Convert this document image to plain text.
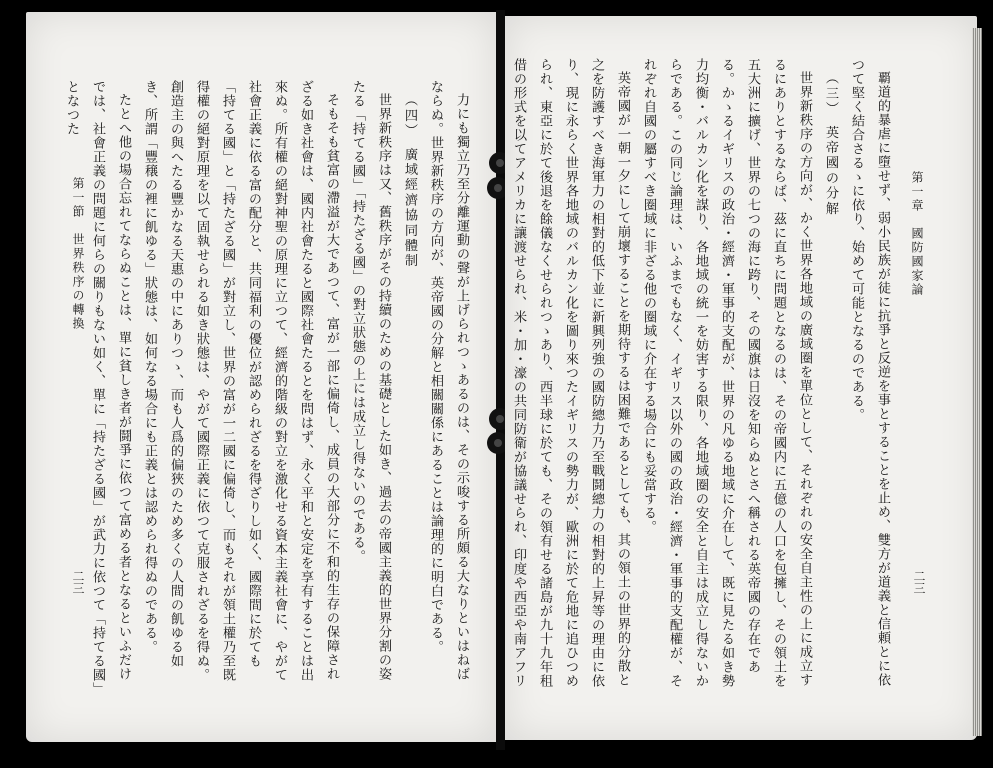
力にも獨立乃至分離運動の聲が上げられつゝあるのは、その示唆する所頗る大なりといはねばならぬ。世界新秩序の方向が、英帝國の分解と相關關係にあることは論理的に明白である。

（四）　廣域經濟協同體制

世界新秩序は又、舊秩序がその持續のための基礎とした如き、過去の帝國主義的世界分割の姿たる「持てる國」「持たざる國」の對立狀態の上には成立し得ないのである。

そもそも貧富の滯溢が大であつて、富が一部に偏倚し、成員の大部分に不和的生存の保障されざる如き社會は、國内社會たると國際社會たるとを問はず、永く平和と安定を享有することは出來ぬ。所有權の絕對神聖の原理に立つて、經濟的階級の對立を激化せる資本主義社會に、やがて社會正義に依る富の配分と、共同福利の優位が認められざるを得ざりし如く、國際間に於ても「持てる國」と「持たざる國」が對立し、世界の富が一二國に偏倚し、而もそれが領土權乃至既得權の絕對原理を以て固執せられる如き狀態は、やがて國際正義に依つて克服されざるを得ぬ。創造主の與へたる豐かなる天惠の中にありつゝ、而も人爲的偏狹のため多くの人間の飢ゆる如き、所謂「豐穣の裡に飢ゆる」狀態は、如何なる場合にも正義とは認められ得ぬのである。

たとへ他の場合忘れてならぬことは、單に貧しき者が鬪爭に依つて富める者となるといふだけでは、社會正義の問題に何らの關りもない如く、單に「持たざる國」が武力に依つて「持てる國」となつた

第一節　世界秩序の轉換
二三
第一章　國防國家論
二三

覇道的暴虐に墮せず、弱小民族が徒に抗爭と反逆を事とすることを止め、雙方が道義と信頼とに依つて堅く結合さるゝに依り、始めて可能となるのである。

（三）　英帝國の分解

世界新秩序の方向が、かく世界各地域の廣域圈を單位として、それぞれの安全自主性の上に成立するにありとするならば、茲に直ちに問題となるのは、その帝國内に五億の人口を包擁し、その領土を五大洲に擴げ、世界の七つの海に跨り、その國旗は日沒を知らぬとさへ稱される英帝國の存在である。かゝるイギリスの政治・經濟・軍事的支配が、世界の凡ゆる地域に介在して、既に見たる如き勢力均衡・バルカン化を謀り、各地域の統一を妨害する限り、各地域圈の安全と自主は成立し得ないからである。この同じ論理は、いふまでもなく、イギリス以外の國の政治・經濟・軍事的支配權が、それぞれ自國の屬すべき圈域に非ざる他の圈域に介在する場合にも妥當する。

英帝國が一朝一夕にして崩壞することを期待するは困難であるとしても、其の領土の世界的分散と之を防護すべき海軍力の相對的低下並に新興列強の國防總力乃至戰鬪總力の相對的上昇等の理由に依り、現に永らく世界各地域のバルカン化を圖り來つたイギリスの勢力が、歐洲に於て危地に追ひつめられ、東亞に於て後退を餘儀なくせられつゝあり、西半球に於ても、その領有せる諸島が九十九年租借の形式を以てアメリカに讓渡せられ、米・加・濠の共同防衛が協議せられ、印度や西亞や南アフリ
